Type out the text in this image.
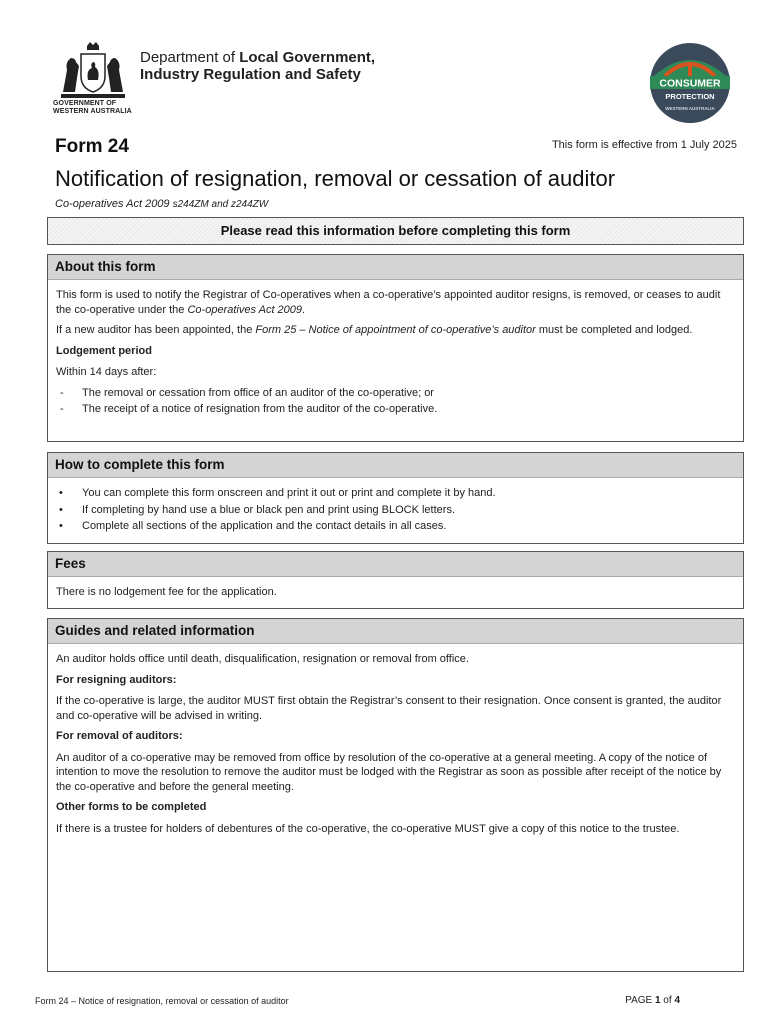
GOVERNMENT OF
WESTERN AUSTRALIA
Department of Local Government,
Industry Regulation and Safety
CONSUMER
PROTECTION
WESTERN AUSTRALIA
Form 24	This form is effective from 1 July 2025
Notification of resignation, removal or cessation of auditor
Co-operatives Act 2009 s244ZM and z244ZW
Please read this information before completing this form
About this form

This form is used to notify the Registrar of Co-operatives when a co-operative’s appointed auditor resigns, is removed, or ceases to audit the co-operative under the Co-operatives Act 2009.

If a new auditor has been appointed, the Form 25 – Notice of appointment of co-operative’s auditor must be completed and lodged.

Lodgement period

Within 14 days after:

- The removal or cessation from office of an auditor of the co-operative; or
- The receipt of a notice of resignation from the auditor of the co-operative.
How to complete this form
• You can complete this form onscreen and print it out or print and complete it by hand.
• If completing by hand use a blue or black pen and print using BLOCK letters.
• Complete all sections of the application and the contact details in all cases.
Fees

There is no lodgement fee for the application.

Guides and related information

An auditor holds office until death, disqualification, resignation or removal from office.

For resigning auditors:

If the co-operative is large, the auditor MUST first obtain the Registrar’s consent to their resignation. Once consent is granted, the auditor and co-operative will be advised in writing.

For removal of auditors:

An auditor of a co-operative may be removed from office by resolution of the co-operative at a general meeting. A copy of the notice of intention to move the resolution to remove the auditor must be lodged with the Registrar as soon as possible after receipt of the notice by the co-operative and before the general meeting.

Other forms to be completed

If there is a trustee for holders of debentures of the co-operative, the co-operative MUST give a copy of this notice to the trustee.

Form 24 – Notice of resignation, removal or cessation of auditor	PAGE 1 of 4
